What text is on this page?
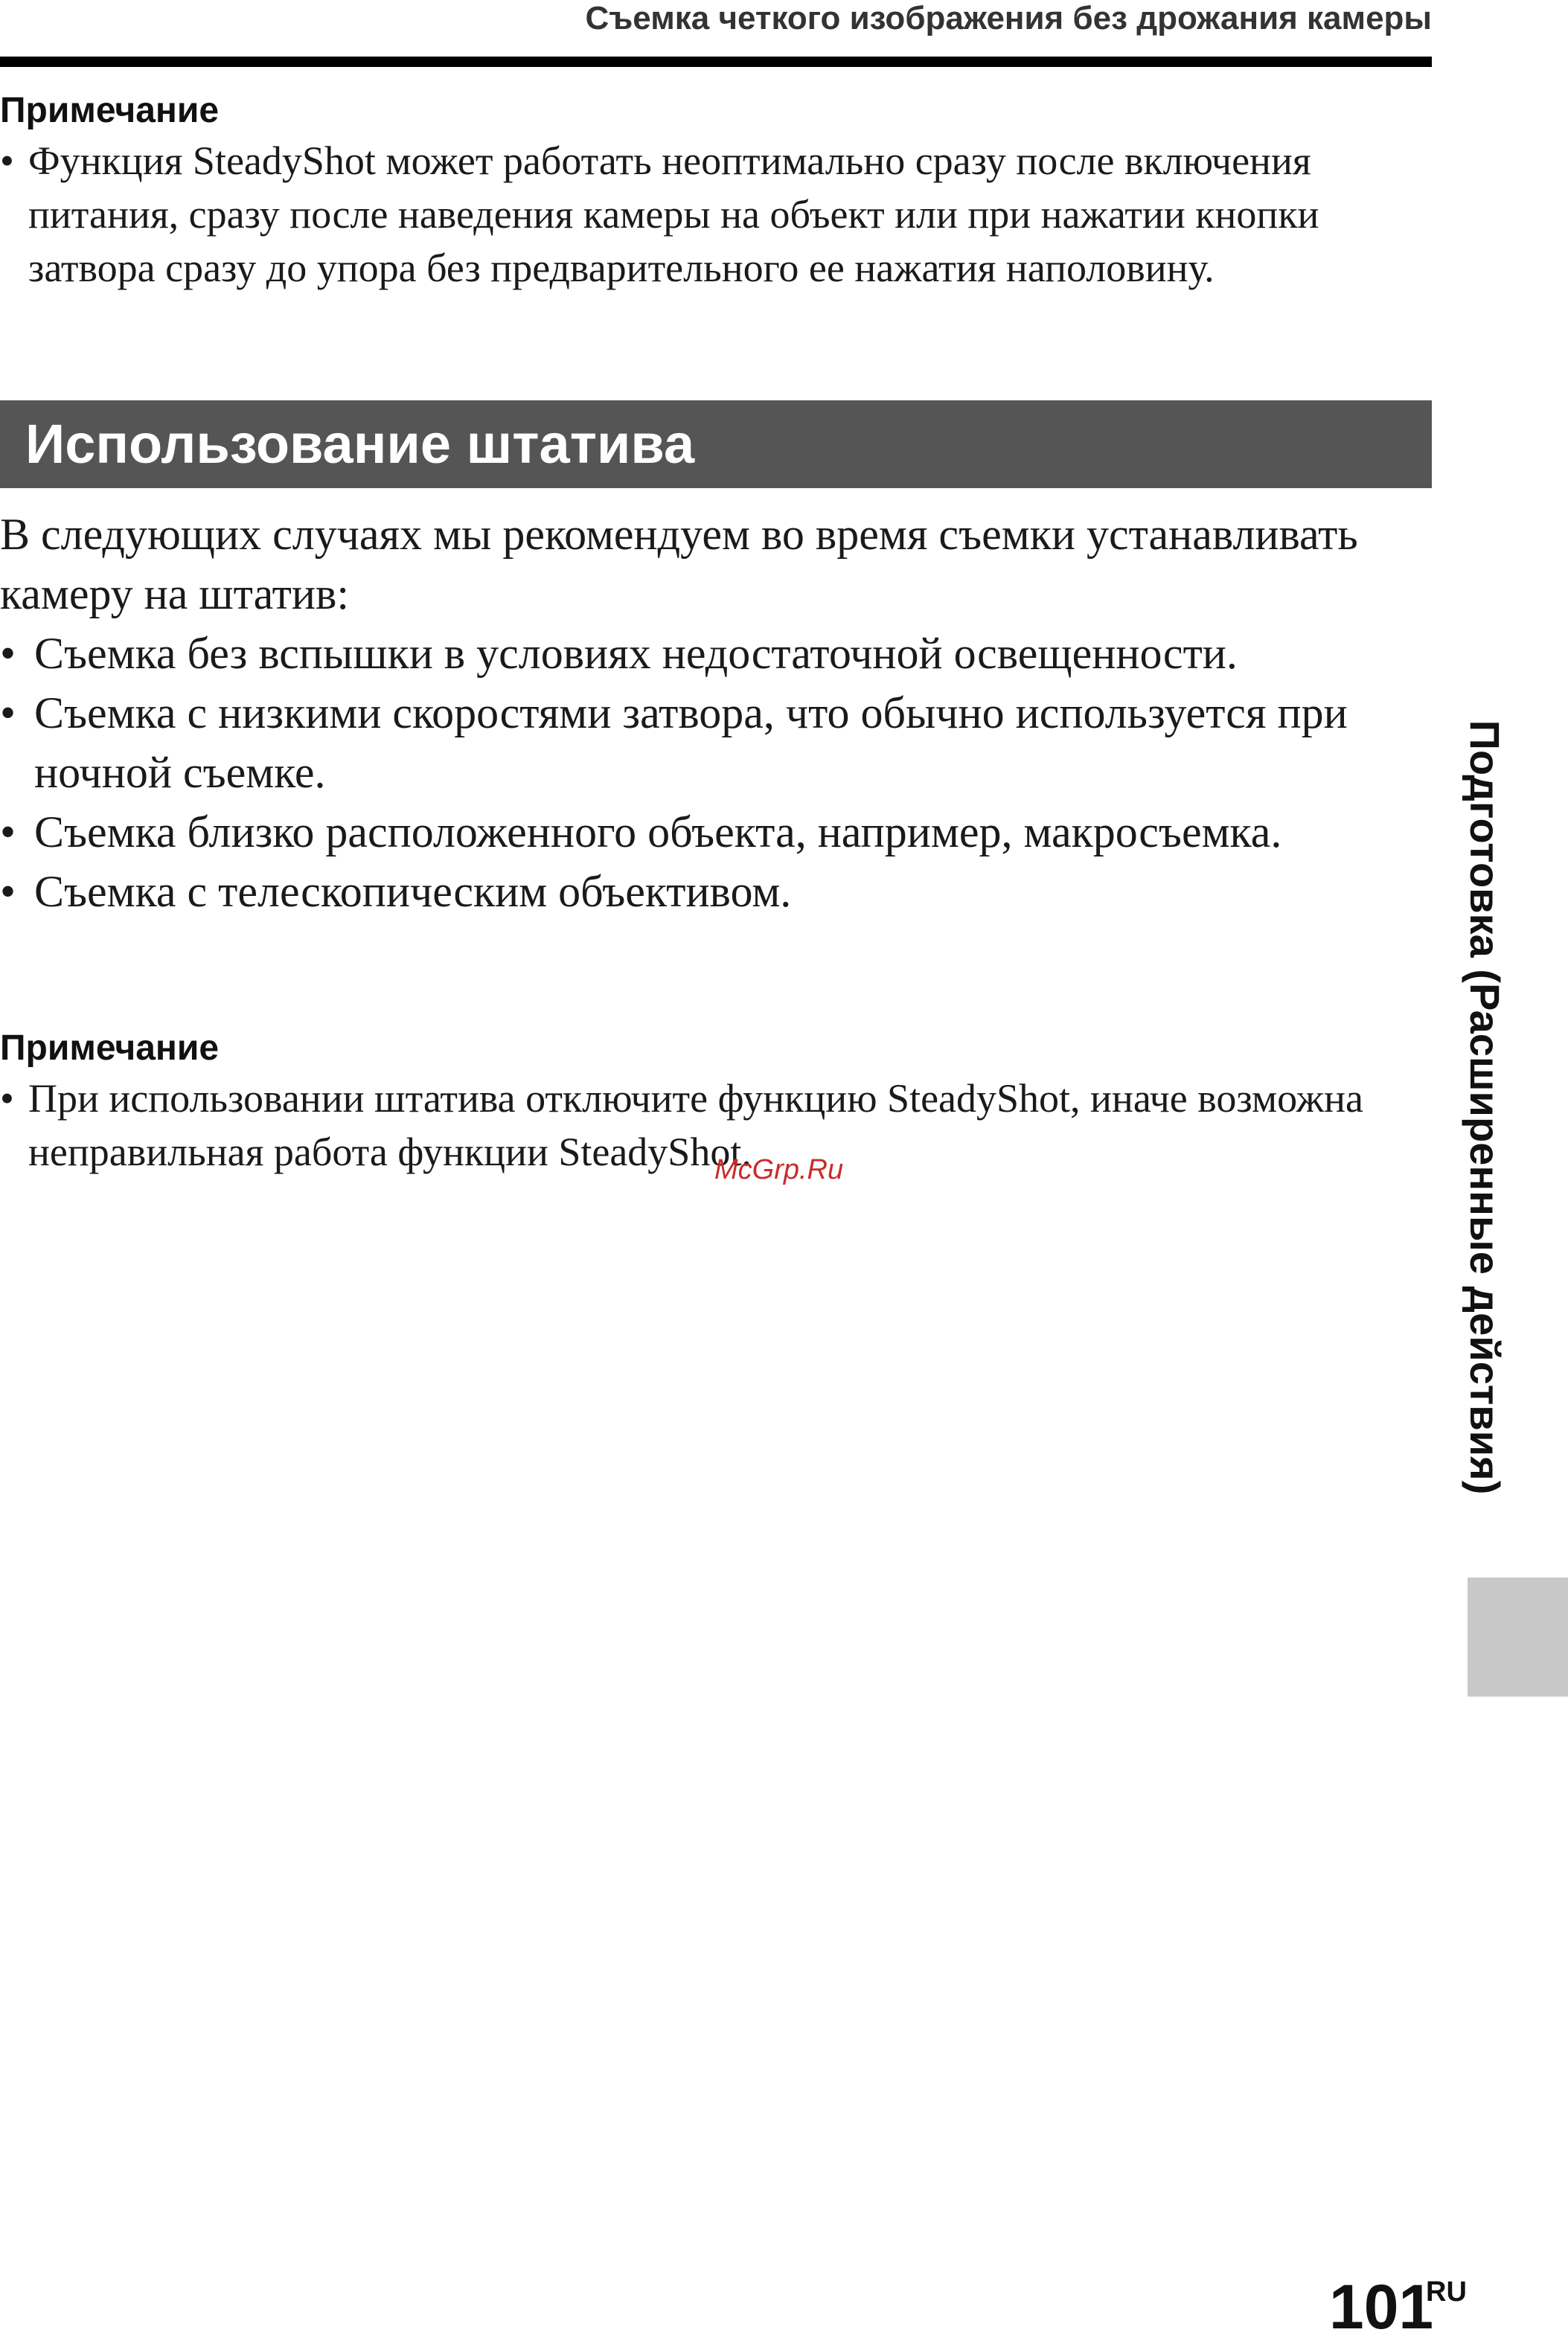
Съемка четкого изображения без дрожания камеры

Примечание

• Функция SteadyShot может работать неоптимально сразу после включения питания, сразу после наведения камеры на объект или при нажатии кнопки затвора сразу до упора без предварительного ее нажатия наполовину.
Использование штатива

В следующих случаях мы рекомендуем во время съемки устанавливать камеру на штатив:

• Съемка без вспышки в условиях недостаточной освещенности.
• Съемка с низкими скоростями затвора, что обычно используется при ночной съемке.
• Съемка близко расположенного объекта, например, макросъемка.
• Съемка с телескопическим объективом.

Примечание

• При использовании штатива отключите функцию SteadyShot, иначе возможна неправильная работа функции SteadyShot.
McGrp.Ru	Подготовка (Расширенные действия)
101
RU
